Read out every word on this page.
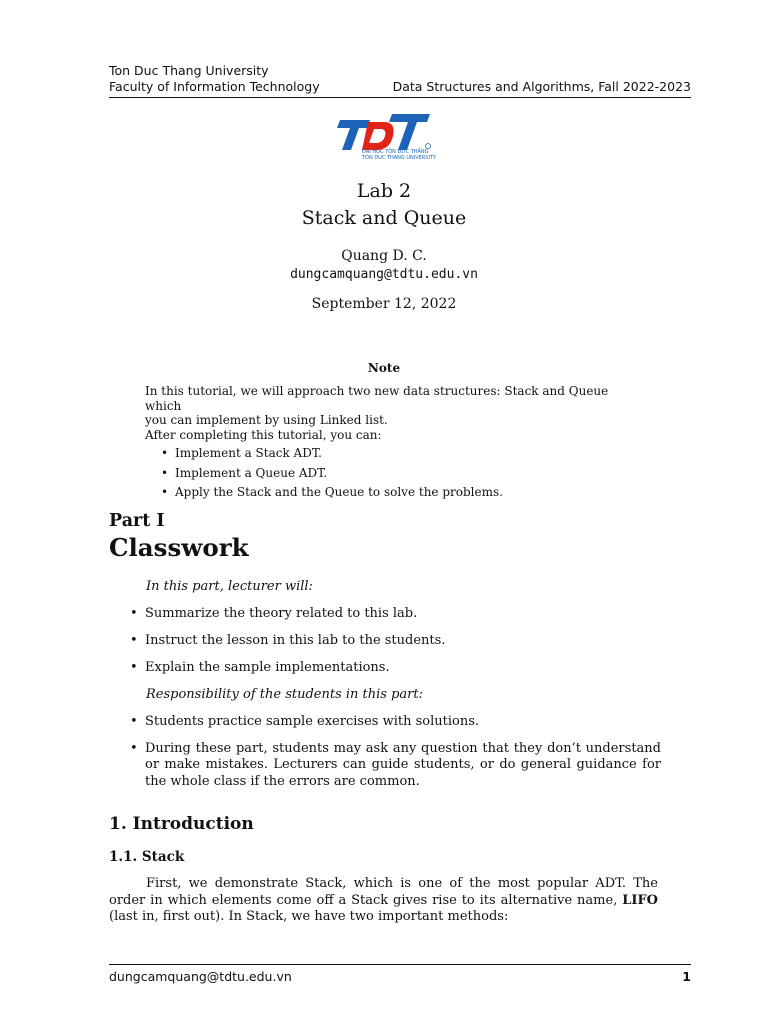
Ton Duc Thang University
Faculty of Information Technology	Data Structures and Algorithms, Fall 2022-2023
ĐẠI HỌC TÔN ĐỨC THẮNG
TON DUC THANG UNIVERSITY
Lab 2
Stack and Queue
Quang D. C.
dungcamquang@tdtu.edu.vn
September 12, 2022
Note
In this tutorial, we will approach two new data structures: Stack and Queue which
you can implement by using Linked list.
After completing this tutorial, you can:
• Implement a Stack ADT.
• Implement a Queue ADT.
• Apply the Stack and the Queue to solve the problems.
Part I
Classwork
In this part, lecturer will:
• Summarize the theory related to this lab.
• Instruct the lesson in this lab to the students.
• Explain the sample implementations.
Responsibility of the students in this part:
• Students practice sample exercises with solutions.
• During these part, students may ask any question that they don’t understand or make mistakes. Lecturers can guide students, or do general guidance for the whole class if the errors are common.
1. Introduction
1.1. Stack
First, we demonstrate Stack, which is one of the most popular ADT. The order in which elements come off a Stack gives rise to its alternative name, LIFO (last in, first out). In Stack, we have two important methods:
dungcamquang@tdtu.edu.vn	1
